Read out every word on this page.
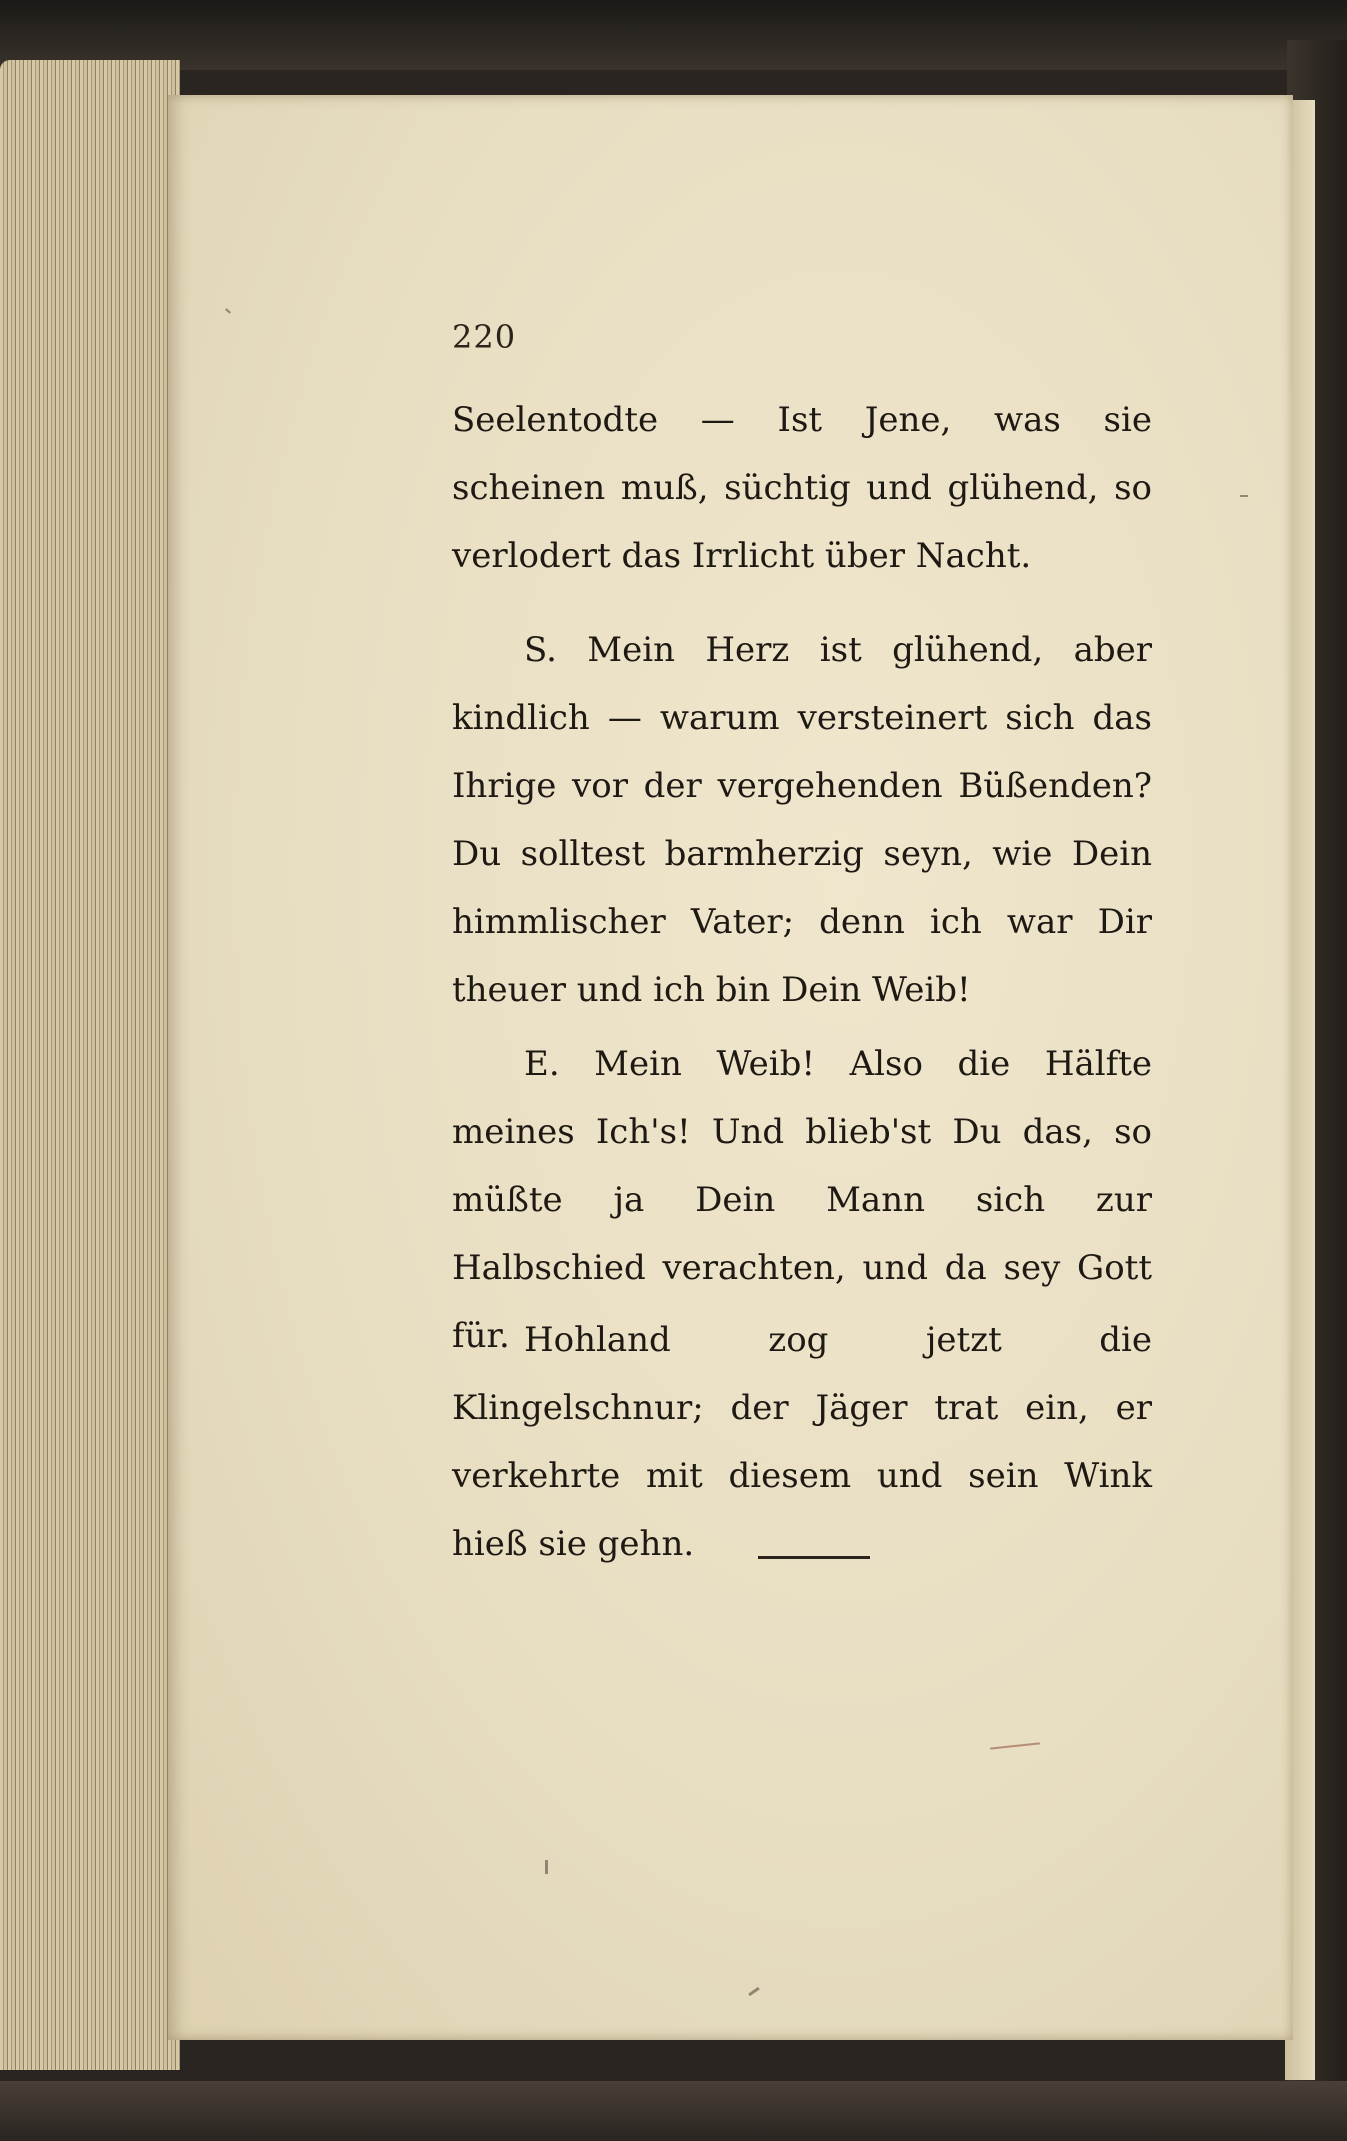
220

Seelentodte — Ist Jene, was sie scheinen muß, süchtig und glühend, so verlodert das Irrlicht über Nacht.

S. Mein Herz ist glühend, aber kindlich — warum versteinert sich das Ihrige vor der vergehenden Büßenden? Du solltest barmherzig seyn, wie Dein himmlischer Vater; denn ich war Dir theuer und ich bin Dein Weib!

E. Mein Weib! Also die Hälfte meines Ich's! Und blieb'st Du das, so müßte ja Dein Mann sich zur Halbschied verachten, und da sey Gott für. Hohland zog jetzt die Klingelschnur; der Jäger trat ein, er verkehrte mit diesem und sein Wink hieß sie gehn.
